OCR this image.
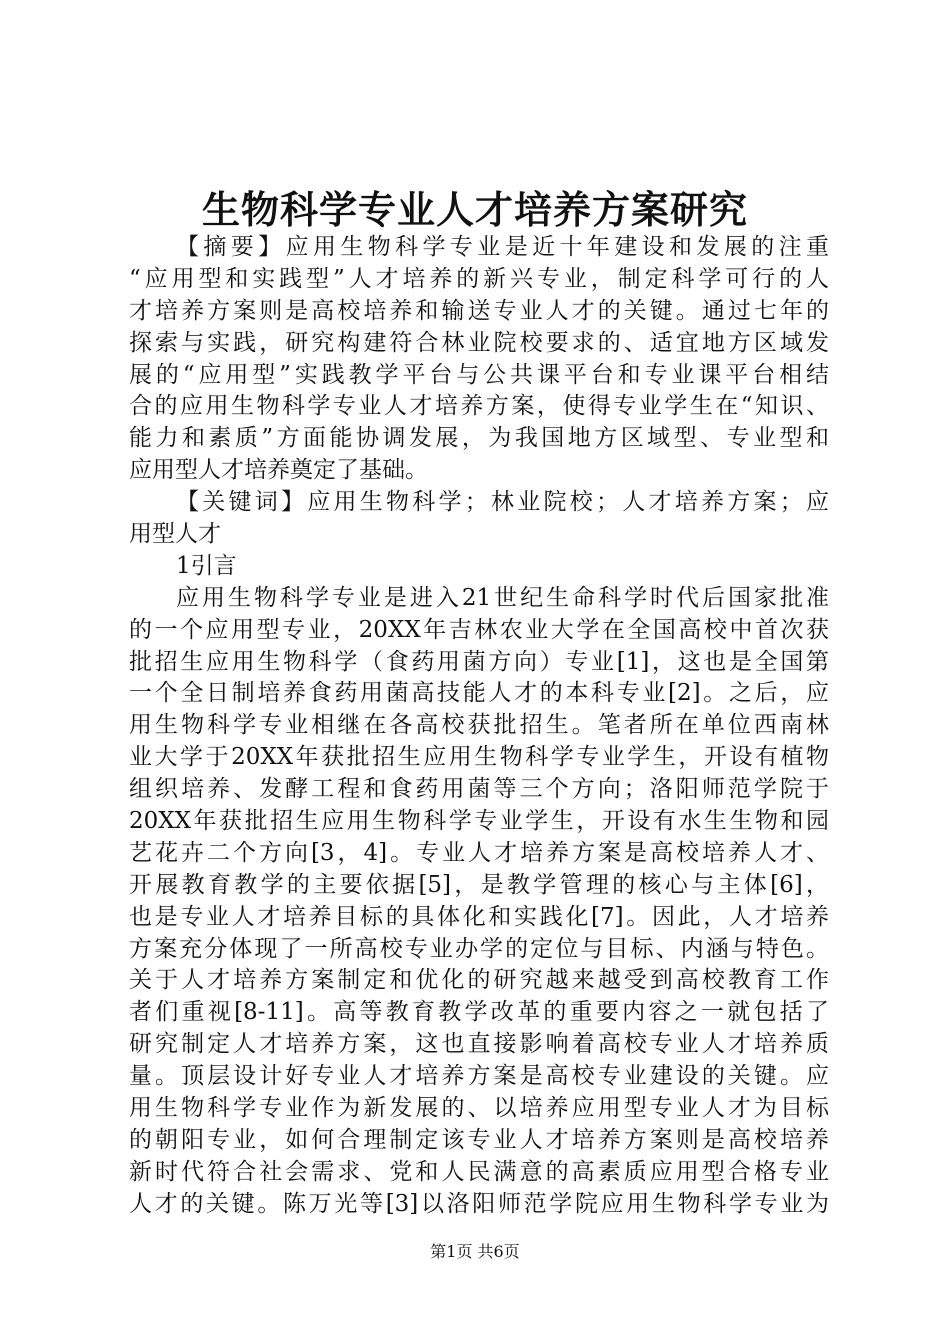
生物科学专业人才培养方案研究
【摘要】应用生物科学专业是近十年建设和发展的注重
“应用型和实践型”人才培养的新兴专业，制定科学可行的人
才培养方案则是高校培养和输送专业人才的关键。通过七年的
探索与实践，研究构建符合林业院校要求的、适宜地方区域发
展的“应用型”实践教学平台与公共课平台和专业课平台相结
合的应用生物科学专业人才培养方案，使得专业学生在“知识、
能力和素质”方面能协调发展，为我国地方区域型、专业型和
应用型人才培养奠定了基础。
【关键词】应用生物科学；林业院校；人才培养方案；应
用型人才
1引言
应用生物科学专业是进入21世纪生命科学时代后国家批准
的一个应用型专业，20XX年吉林农业大学在全国高校中首次获
批招生应用生物科学（食药用菌方向）专业[1]，这也是全国第
一个全日制培养食药用菌高技能人才的本科专业[2]。之后，应
用生物科学专业相继在各高校获批招生。笔者所在单位西南林
业大学于20XX年获批招生应用生物科学专业学生，开设有植物
组织培养、发酵工程和食药用菌等三个方向；洛阳师范学院于
20XX年获批招生应用生物科学专业学生，开设有水生生物和园
艺花卉二个方向[3，4]。专业人才培养方案是高校培养人才、
开展教育教学的主要依据[5]，是教学管理的核心与主体[6]，
也是专业人才培养目标的具体化和实践化[7]。因此，人才培养
方案充分体现了一所高校专业办学的定位与目标、内涵与特色。
关于人才培养方案制定和优化的研究越来越受到高校教育工作
者们重视[8-11]。高等教育教学改革的重要内容之一就包括了
研究制定人才培养方案，这也直接影响着高校专业人才培养质
量。顶层设计好专业人才培养方案是高校专业建设的关键。应
用生物科学专业作为新发展的、以培养应用型专业人才为目标
的朝阳专业，如何合理制定该专业人才培养方案则是高校培养
新时代符合社会需求、党和人民满意的高素质应用型合格专业
人才的关键。陈万光等[3]以洛阳师范学院应用生物科学专业为
第1页 共6页
